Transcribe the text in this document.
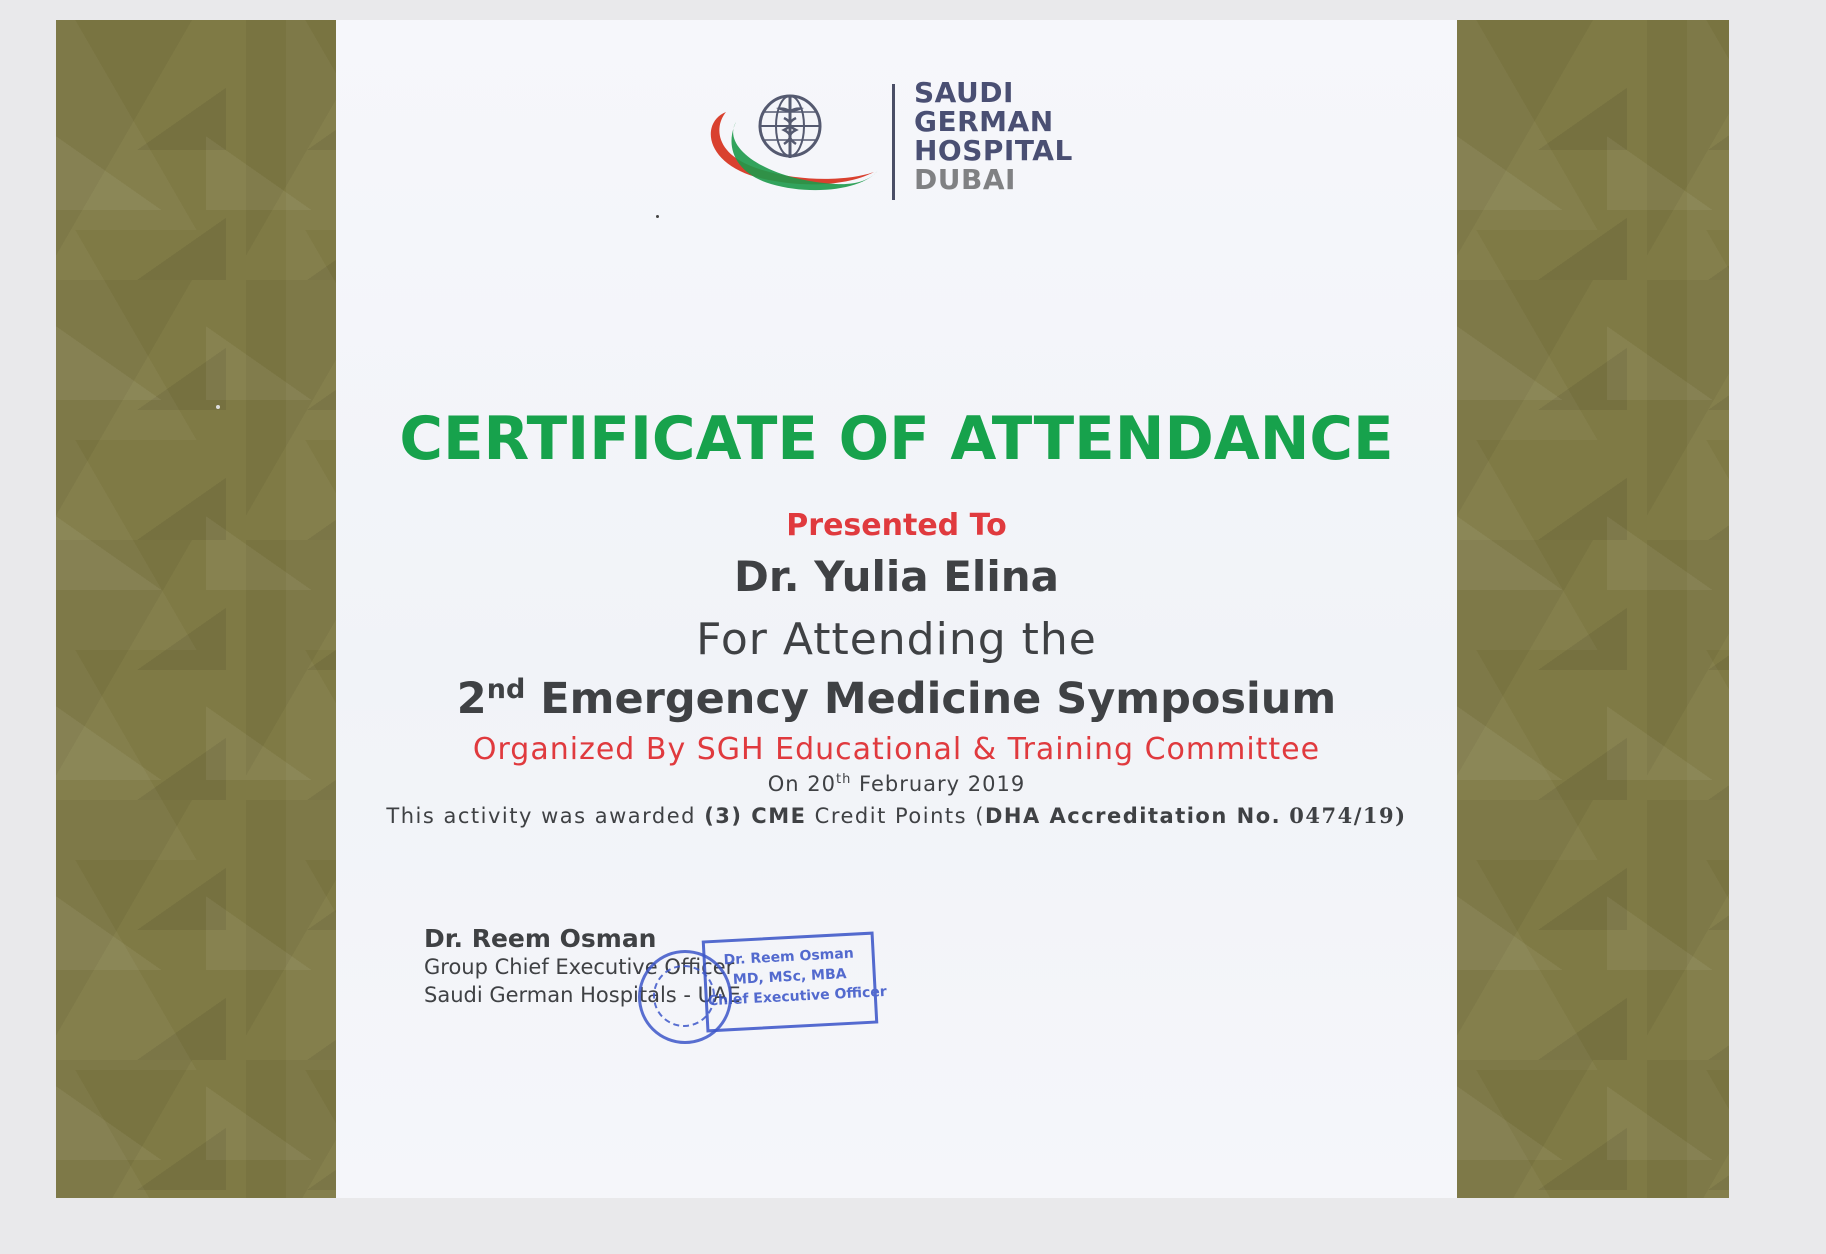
SAUDI
GERMAN
HOSPITAL
DUBAI
CERTIFICATE OF ATTENDANCE
Presented To
Dr. Yulia Elina
For Attending the
2nd Emergency Medicine Symposium
Organized By SGH Educational & Training Committee
On 20th February 2019
This activity was awarded (3) CME Credit Points (DHA Accreditation No. 0474/19)
Dr. Reem Osman
Group Chief Executive Officer
Saudi German Hospitals - UAE
Dr. Reem Osman
MD, MSc, MBA
Chief Executive Officer
